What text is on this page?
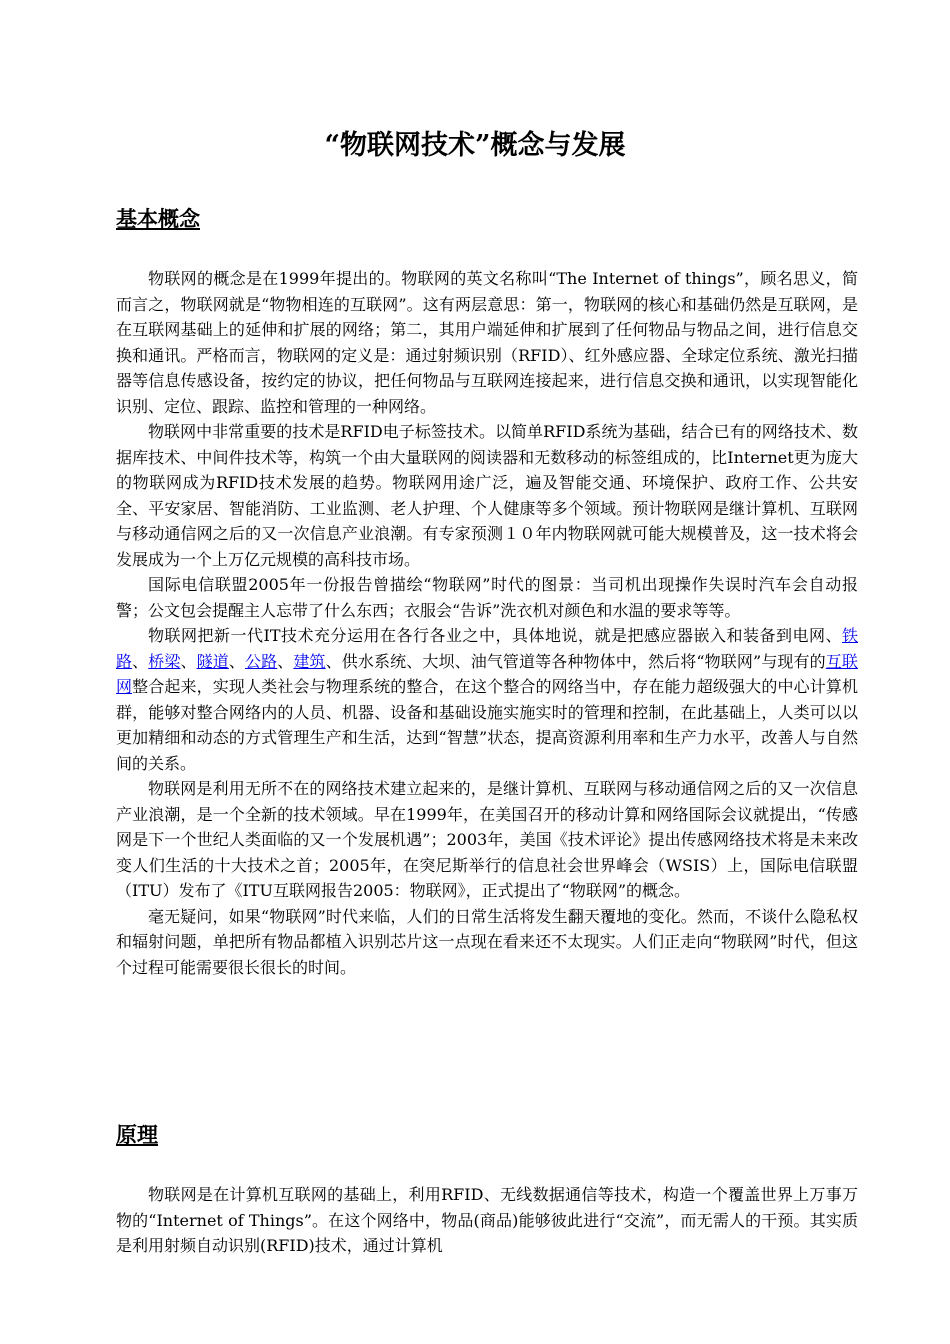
“物联网技术”概念与发展
基本概念

物联网的概念是在1999年提出的。物联网的英文名称叫“The Internet of things”，顾名思义，简而言之，物联网就是“物物相连的互联网”。这有两层意思：第一，物联网的核心和基础仍然是互联网，是在互联网基础上的延伸和扩展的网络；第二，其用户端延伸和扩展到了任何物品与物品之间，进行信息交换和通讯。严格而言，物联网的定义是：通过射频识别（RFID）、红外感应器、全球定位系统、激光扫描器等信息传感设备，按约定的协议，把任何物品与互联网连接起来，进行信息交换和通讯，以实现智能化识别、定位、跟踪、监控和管理的一种网络。

物联网中非常重要的技术是RFID电子标签技术。以简单RFID系统为基础，结合已有的网络技术、数据库技术、中间件技术等，构筑一个由大量联网的阅读器和无数移动的标签组成的，比Internet更为庞大的物联网成为RFID技术发展的趋势。物联网用途广泛，遍及智能交通、环境保护、政府工作、公共安全、平安家居、智能消防、工业监测、老人护理、个人健康等多个领域。预计物联网是继计算机、互联网与移动通信网之后的又一次信息产业浪潮。有专家预测１０年内物联网就可能大规模普及，这一技术将会发展成为一个上万亿元规模的高科技市场。

国际电信联盟2005年一份报告曾描绘“物联网”时代的图景：当司机出现操作失误时汽车会自动报警；公文包会提醒主人忘带了什么东西；衣服会“告诉”洗衣机对颜色和水温的要求等等。

物联网把新一代IT技术充分运用在各行各业之中，具体地说，就是把感应器嵌入和装备到电网、铁路、桥梁、隧道、公路、建筑、供水系统、大坝、油气管道等各种物体中，然后将“物联网”与现有的互联网整合起来，实现人类社会与物理系统的整合，在这个整合的网络当中，存在能力超级强大的中心计算机群，能够对整合网络内的人员、机器、设备和基础设施实施实时的管理和控制，在此基础上，人类可以以更加精细和动态的方式管理生产和生活，达到“智慧”状态，提高资源利用率和生产力水平，改善人与自然间的关系。

物联网是利用无所不在的网络技术建立起来的，是继计算机、互联网与移动通信网之后的又一次信息产业浪潮，是一个全新的技术领域。早在1999年，在美国召开的移动计算和网络国际会议就提出，“传感网是下一个世纪人类面临的又一个发展机遇”；2003年，美国《技术评论》提出传感网络技术将是未来改变人们生活的十大技术之首；2005年，在突尼斯举行的信息社会世界峰会（WSIS）上，国际电信联盟（ITU）发布了《ITU互联网报告2005：物联网》，正式提出了“物联网”的概念。

毫无疑问，如果“物联网”时代来临，人们的日常生活将发生翻天覆地的变化。然而，不谈什么隐私权和辐射问题，单把所有物品都植入识别芯片这一点现在看来还不太现实。人们正走向“物联网”时代，但这个过程可能需要很长很长的时间。

原理

物联网是在计算机互联网的基础上，利用RFID、无线数据通信等技术，构造一个覆盖世界上万事万物的“Internet of Things”。在这个网络中，物品(商品)能够彼此进行“交流”，而无需人的干预。其实质是利用射频自动识别(RFID)技术，通过计算机
